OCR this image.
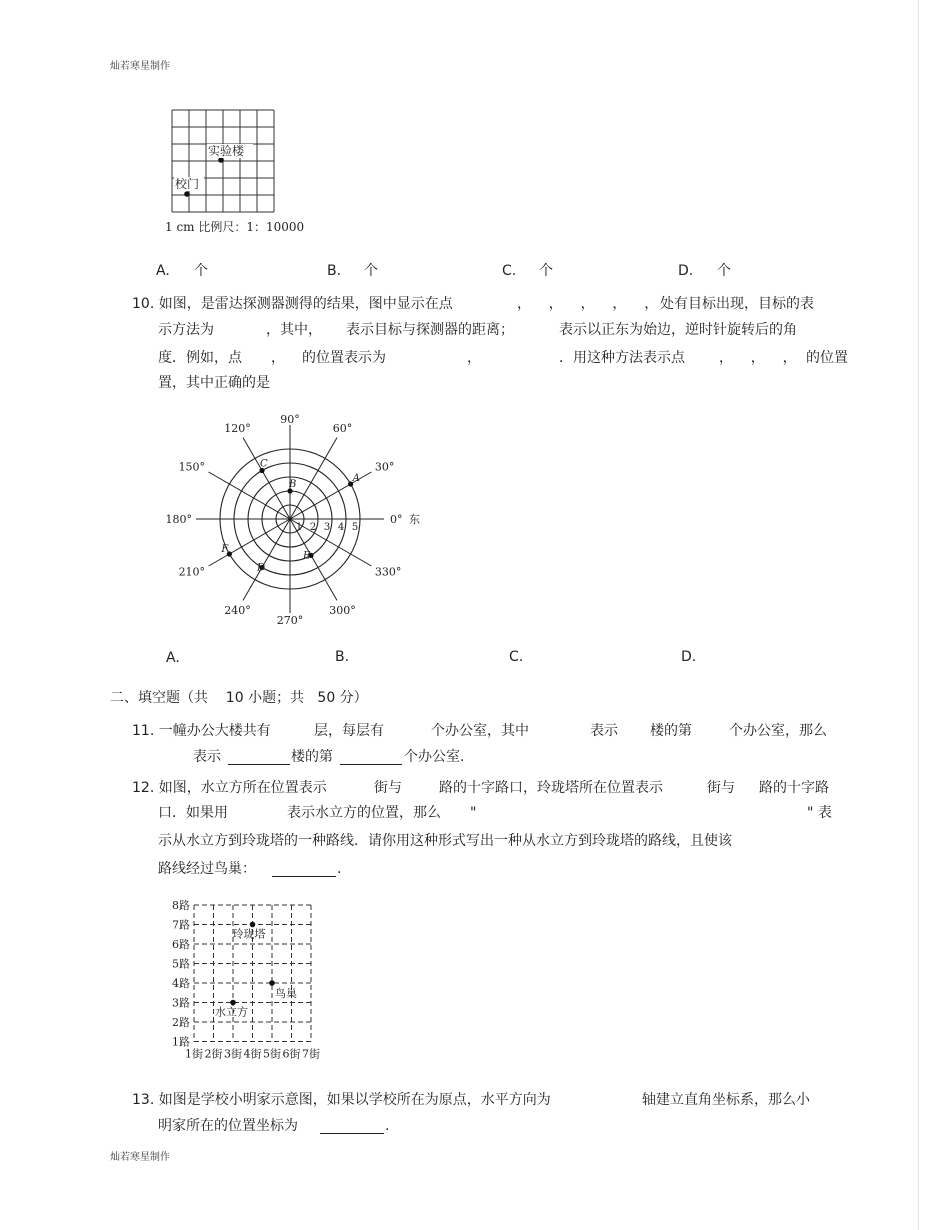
灿若寒星制作
实验楼
校门
1 cm 比例尺：1：10000
A. 个	B. 个	C. 个	D. 个
10. 如图，是雷达探测器测得的结果，图中显示在点	，    ，    ，    ，    ， 处有目标出现，目标的表
示方法为	，其中， 表示目标与探测器的距离；	表示以正东为始边，逆时针旋转后的角
度．例如，点 ， 的位置表示为	，	．用这种方法表示点 ，    ，    ， 的位置
置，其中正确的是
0°
30°
60°
90°
120°
150°
180°
210°
240°
270°
300°
330°
东
1 2 3 4 5
A
B
C
D
E
F
A.	B.	C.	D.
二、填空题（共    10 小题；共   50 分）
11. 一幢办公大楼共有	层，每层有	个办公室，其中	表示 楼的第	个办公室，那么
表示	楼的第	个办公室.
12. 如图，水立方所在位置表示	街与	路的十字路口，玲珑塔所在位置表示	街与 路的十字路
口．如果用	表示水立方的位置，那么 "	" 表
示从水立方到玲珑塔的一种路线．请你用这种形式写出一种从水立方到玲珑塔的路线，且使该
路线经过鸟巢：	.
8路
7路
6路
5路
4路
3路
2路
1路
1街 2街 3街 4街 5街 6街 7街
玲珑塔
鸟巢
水立方
13. 如图是学校小明家示意图，如果以学校所在为原点，水平方向为	轴建立直角坐标系，那么小
明家所在的位置坐标为	.
灿若寒星制作
